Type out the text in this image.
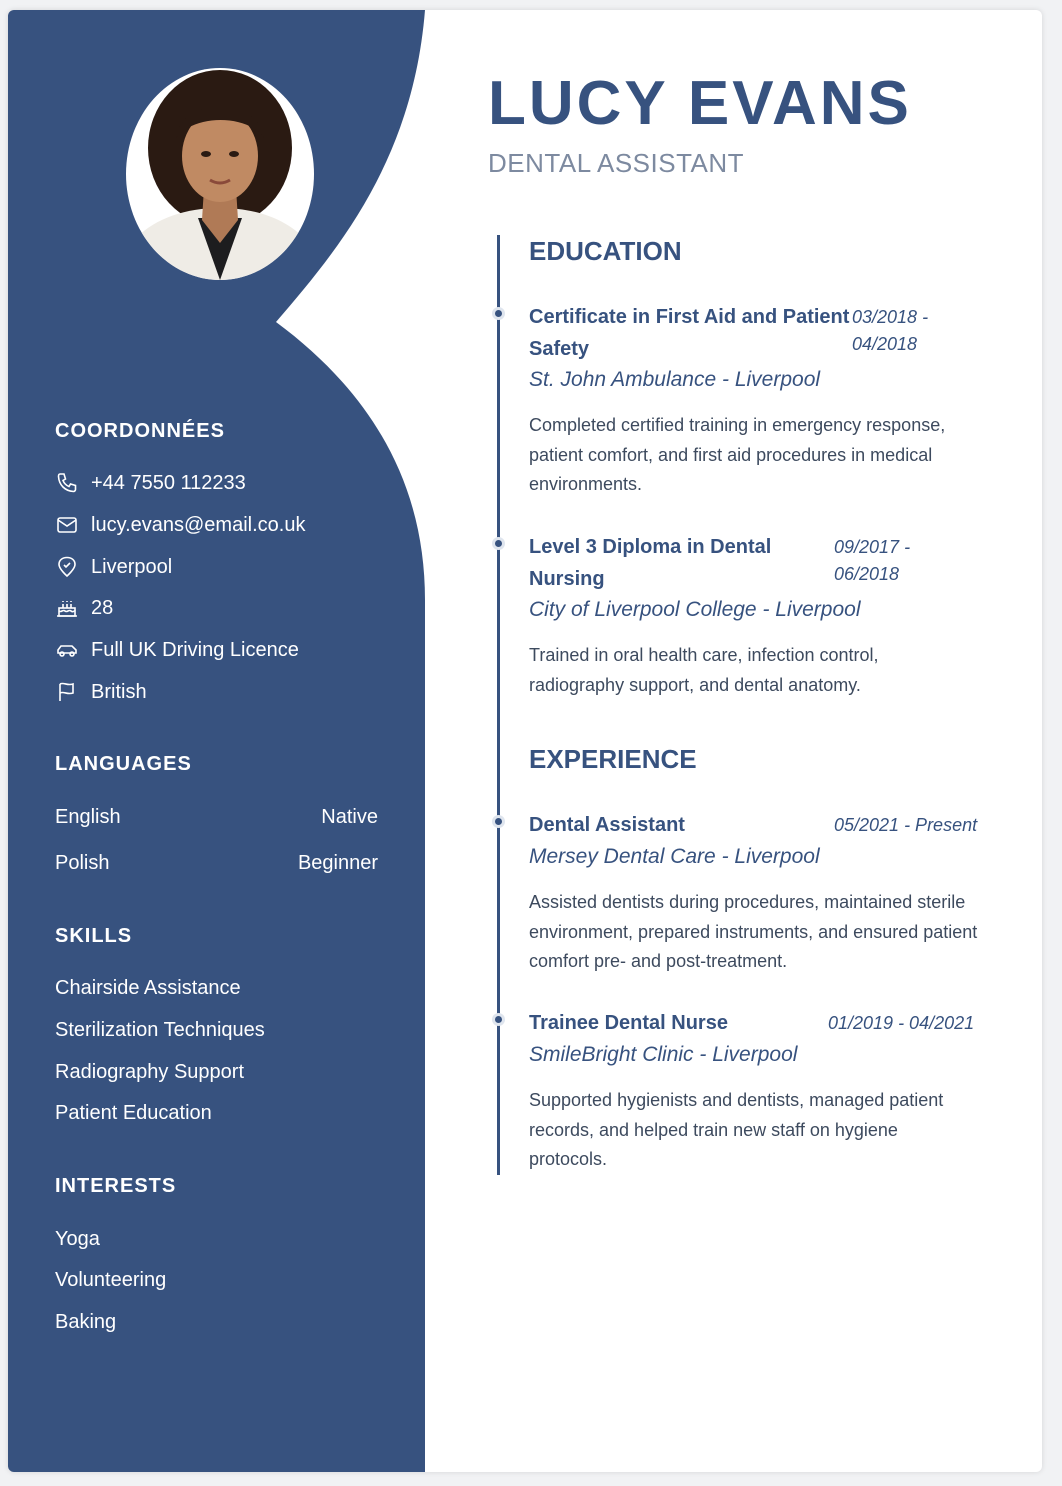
COORDONNÉES
+44 7550 112233
lucy.evans@email.co.uk
Liverpool
28
Full UK Driving Licence
British
LANGUAGES
English	Native
Polish	Beginner
SKILLS
Chairside Assistance
Sterilization Techniques
Radiography Support
Patient Education
INTERESTS
Yoga
Volunteering
Baking
LUCY EVANS
DENTAL ASSISTANT
EDUCATION
Certificate in First Aid and Patient
Safety
03/2018 -
04/2018
St. John Ambulance - Liverpool
Completed certified training in emergency response, patient comfort, and first aid procedures in medical environments.
Level 3 Diploma in Dental
Nursing
09/2017 -
06/2018
City of Liverpool College - Liverpool
Trained in oral health care, infection control, radiography support, and dental anatomy.
EXPERIENCE
Dental Assistant	05/2021 - Present
Mersey Dental Care - Liverpool
Assisted dentists during procedures, maintained sterile environment, prepared instruments, and ensured patient comfort pre- and post-treatment.
Trainee Dental Nurse	01/2019 - 04/2021
SmileBright Clinic - Liverpool
Supported hygienists and dentists, managed patient records, and helped train new staff on hygiene protocols.
